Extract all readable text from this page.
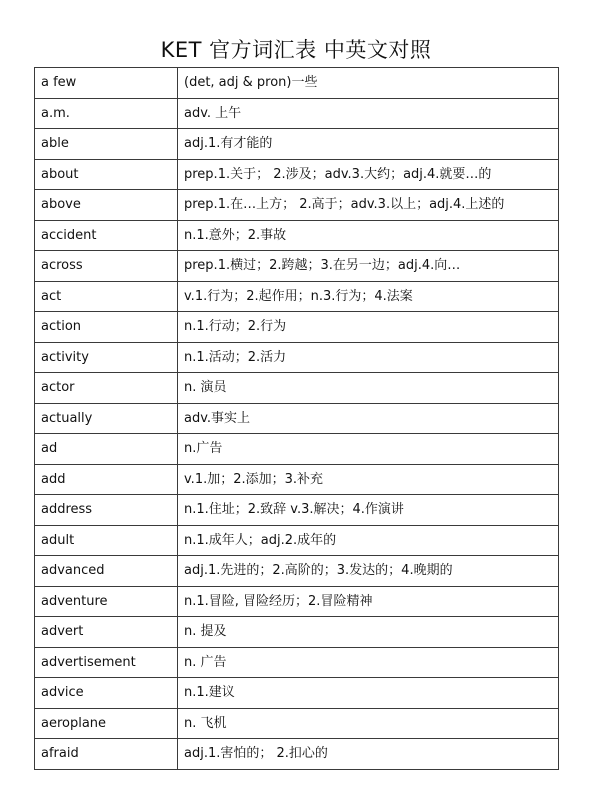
KET 官方词汇表 中英文对照
a few	(det, adj & pron)一些
a.m.	adv. 上午
able	adj.1.有才能的
about	prep.1.关于； 2.涉及；adv.3.大约；adj.4.就要…的
above	prep.1.在…上方； 2.高于；adv.3.以上；adj.4.上述的
accident	n.1.意外；2.事故
across	prep.1.横过；2.跨越；3.在另一边；adj.4.向…
act	v.1.行为；2.起作用；n.3.行为；4.法案
action	n.1.行动；2.行为
activity	n.1.活动；2.活力
actor	n. 演员
actually	adv.事实上
ad	n.广告
add	v.1.加；2.添加；3.补充
address	n.1.住址；2.致辞 v.3.解决；4.作演讲
adult	n.1.成年人；adj.2.成年的
advanced	adj.1.先进的；2.高阶的；3.发达的；4.晚期的
adventure	n.1.冒险, 冒险经历；2.冒险精神
advert	n. 提及
advertisement	n. 广告
advice	n.1.建议
aeroplane	n. 飞机
afraid	adj.1.害怕的； 2.扣心的
